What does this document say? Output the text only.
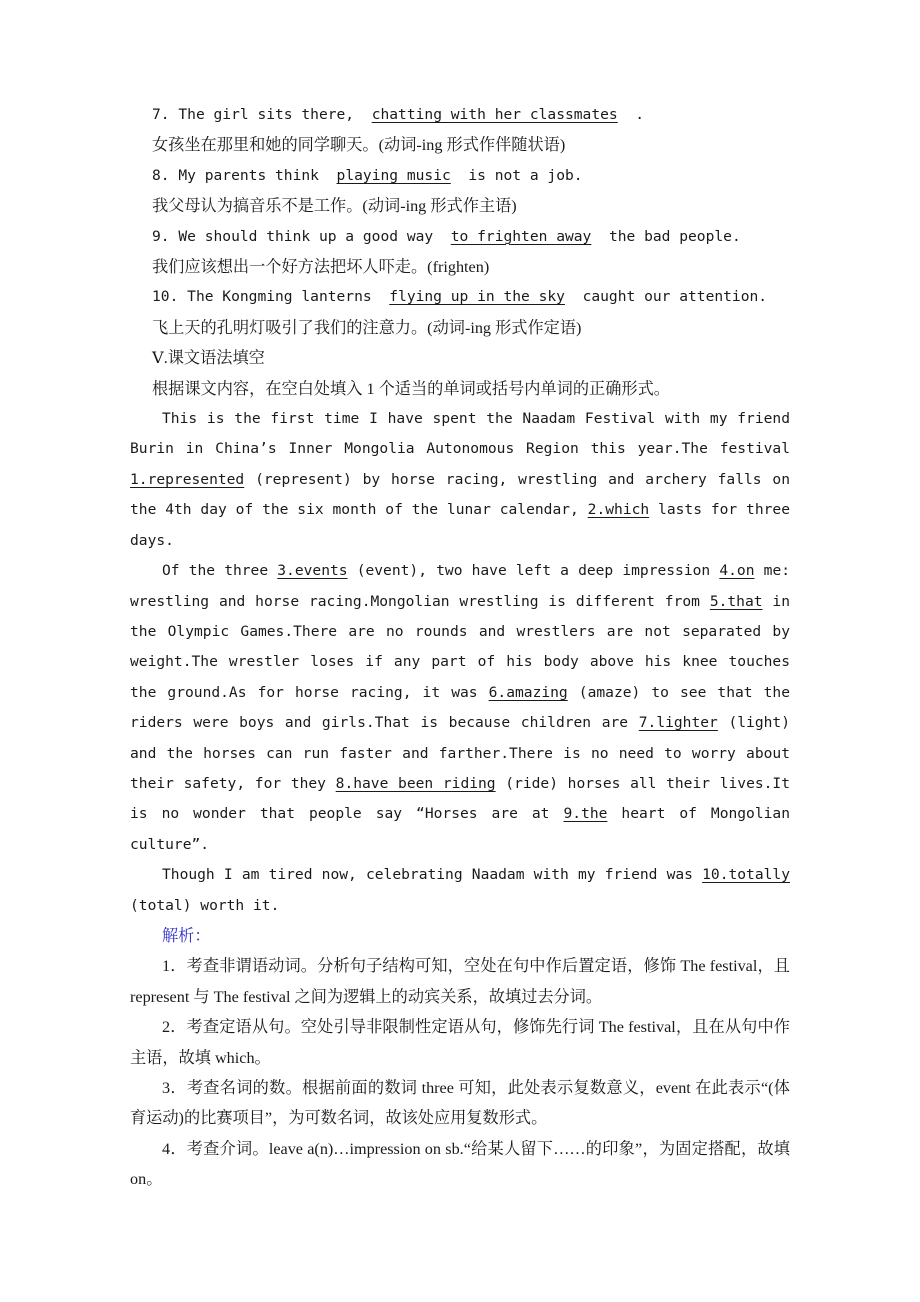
7. The girl sits there, chatting with her classmates .
女孩坐在那里和她的同学聊天。(动词-ing 形式作伴随状语)
8. My parents think playing music is not a job.
我父母认为搞音乐不是工作。(动词-ing 形式作主语)
9. We should think up a good way to frighten away the bad people.
我们应该想出一个好方法把坏人吓走。(frighten)
10. The Kongming lanterns flying up in the sky caught our attention.
飞上天的孔明灯吸引了我们的注意力。(动词-ing 形式作定语)
Ⅴ.课文语法填空
根据课文内容，在空白处填入 1 个适当的单词或括号内单词的正确形式。

This is the first time I have spent the Naadam Festival with my friend Burin in China’s Inner Mongolia Autonomous Region this year.The festival 1.represented (represent) by horse racing, wrestling and archery falls on the 4th day of the six month of the lunar calendar, 2.which lasts for three days.

Of the three 3.events (event), two have left a deep impression 4.on me: wrestling and horse racing.Mongolian wrestling is different from 5.that in the Olympic Games.There are no rounds and wrestlers are not separated by weight.The wrestler loses if any part of his body above his knee touches the ground.As for horse racing, it was 6.amazing (amaze) to see that the riders were boys and girls.That is because children are 7.lighter (light) and the horses can run faster and farther.There is no need to worry about their safety, for they 8.have been riding (ride) horses all their lives.It is no wonder that people say “Horses are at 9.the heart of Mongolian culture”.

Though I am tired now, celebrating Naadam with my friend was 10.totally (total) worth it.

解析：

1．考查非谓语动词。分析句子结构可知，空处在句中作后置定语，修饰 The festival，且 represent 与 The festival 之间为逻辑上的动宾关系，故填过去分词。

2．考查定语从句。空处引导非限制性定语从句，修饰先行词 The festival，且在从句中作主语，故填 which。

3．考查名词的数。根据前面的数词 three 可知，此处表示复数意义，event 在此表示“(体育运动)的比赛项目”，为可数名词，故该处应用复数形式。

4．考查介词。leave a(n)…impression on sb.“给某人留下……的印象”，为固定搭配，故填 on。
